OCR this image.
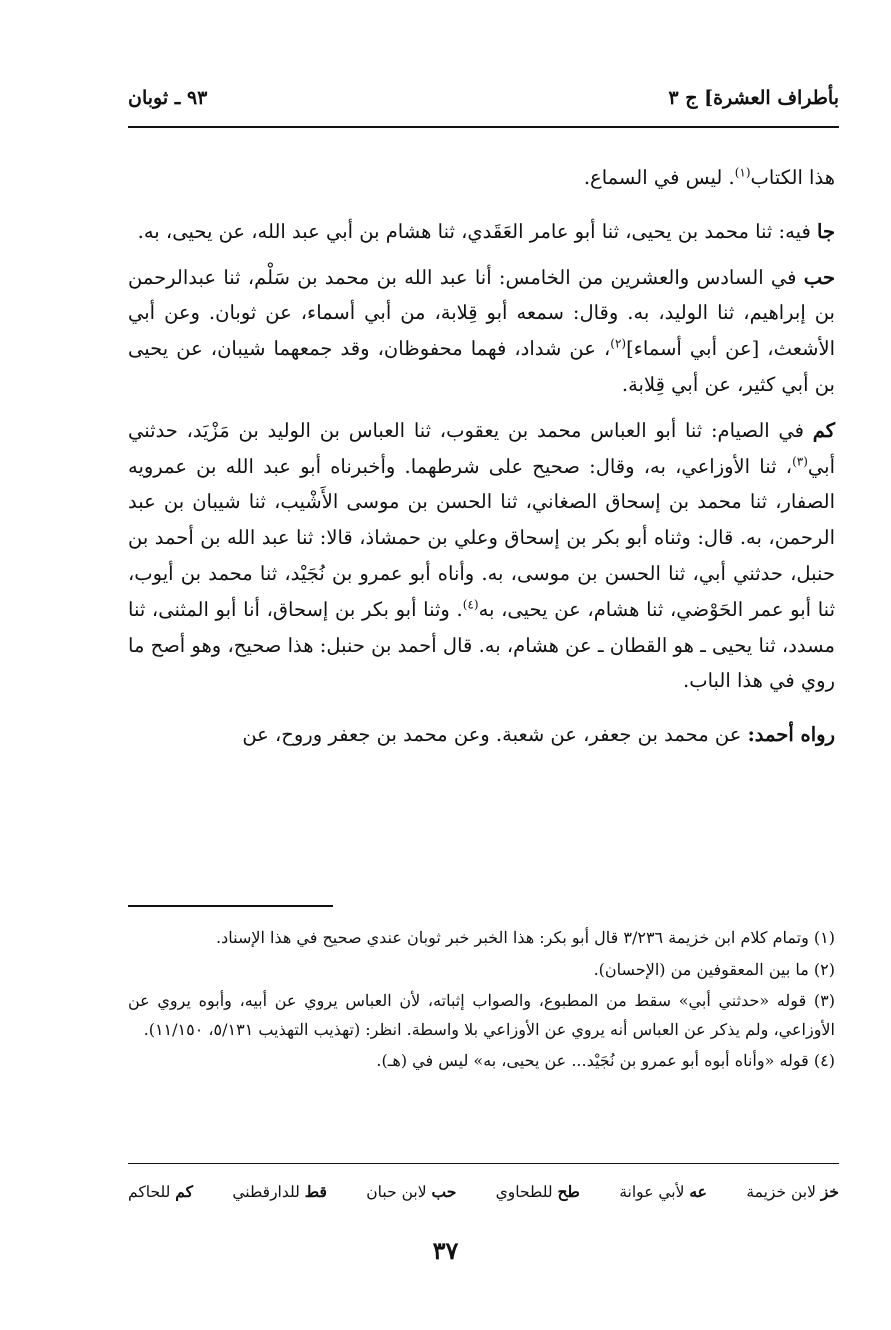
بأطراف العشرة] ج ٣
٩٣ ـ ثوبان

هذا الكتاب$^{(١)}$. ليس في السماع.

جا فيه: ثنا محمد بن يحيى، ثنا أبو عامر العَقَدي، ثنا هشام بن أبي عبد الله، عن يحيى، به.

حب في السادس والعشرين من الخامس: أنا عبد الله بن محمد بن سَلْم، ثنا عبدالرحمن بن إبراهيم، ثنا الوليد، به. وقال: سمعه أبو قِلابة، من أبي أسماء، عن ثوبان. وعن أبي الأشعث، [عن أبي أسماء]$^{(٢)}$، عن شداد، فهما محفوظان، وقد جمعهما شيبان، عن يحيى بن أبي كثير، عن أبي قِلابة.

كم في الصيام: ثنا أبو العباس محمد بن يعقوب، ثنا العباس بن الوليد بن مَزْيَد، حدثني أبي$^{(٣)}$، ثنا الأوزاعي، به، وقال: صحيح على شرطهما. وأخبرناه أبو عبد الله بن عمرويه الصفار، ثنا محمد بن إسحاق الصغاني، ثنا الحسن بن موسى الأَشْيب، ثنا شيبان بن عبد الرحمن، به. قال: وثناه أبو بكر بن إسحاق وعلي بن حمشاذ، قالا: ثنا عبد الله بن أحمد بن حنبل، حدثني أبي، ثنا الحسن بن موسى، به. وأناه أبو عمرو بن نُجَيْد، ثنا محمد بن أيوب، ثنا أبو عمر الحَوْضي، ثنا هشام، عن يحيى، به$^{(٤)}$. وثنا أبو بكر بن إسحاق، أنا أبو المثنى، ثنا مسدد، ثنا يحيى ـ هو القطان ـ عن هشام، به. قال أحمد بن حنبل: هذا صحيح، وهو أصح ما روي في هذا الباب.

رواه أحمد: عن محمد بن جعفر، عن شعبة. وعن محمد بن جعفر وروح، عن

(١) وتمام كلام ابن خزيمة ٣/٢٣٦ قال أبو بكر: هذا الخبر خبر ثوبان عندي صحيح في هذا الإسناد.

(٢) ما بين المعقوفين من (الإحسان).

(٣) قوله «حدثني أبي» سقط من المطبوع، والصواب إثباته، لأن العباس يروي عن أبيه، وأبوه يروي عن الأوزاعي، ولم يذكر عن العباس أنه يروي عن الأوزاعي بلا واسطة. انظر: (تهذيب التهذيب ٥/١٣١، ١١/١٥٠).

(٤) قوله «وأناه أبوه أبو عمرو بن نُجَيْد... عن يحيى، به» ليس في (هـ).

خز لابن خزيمة
عه لأبي عوانة
طح للطحاوي
حب لابن حبان
قط للدارقطني
كم للحاكم
٣٧
